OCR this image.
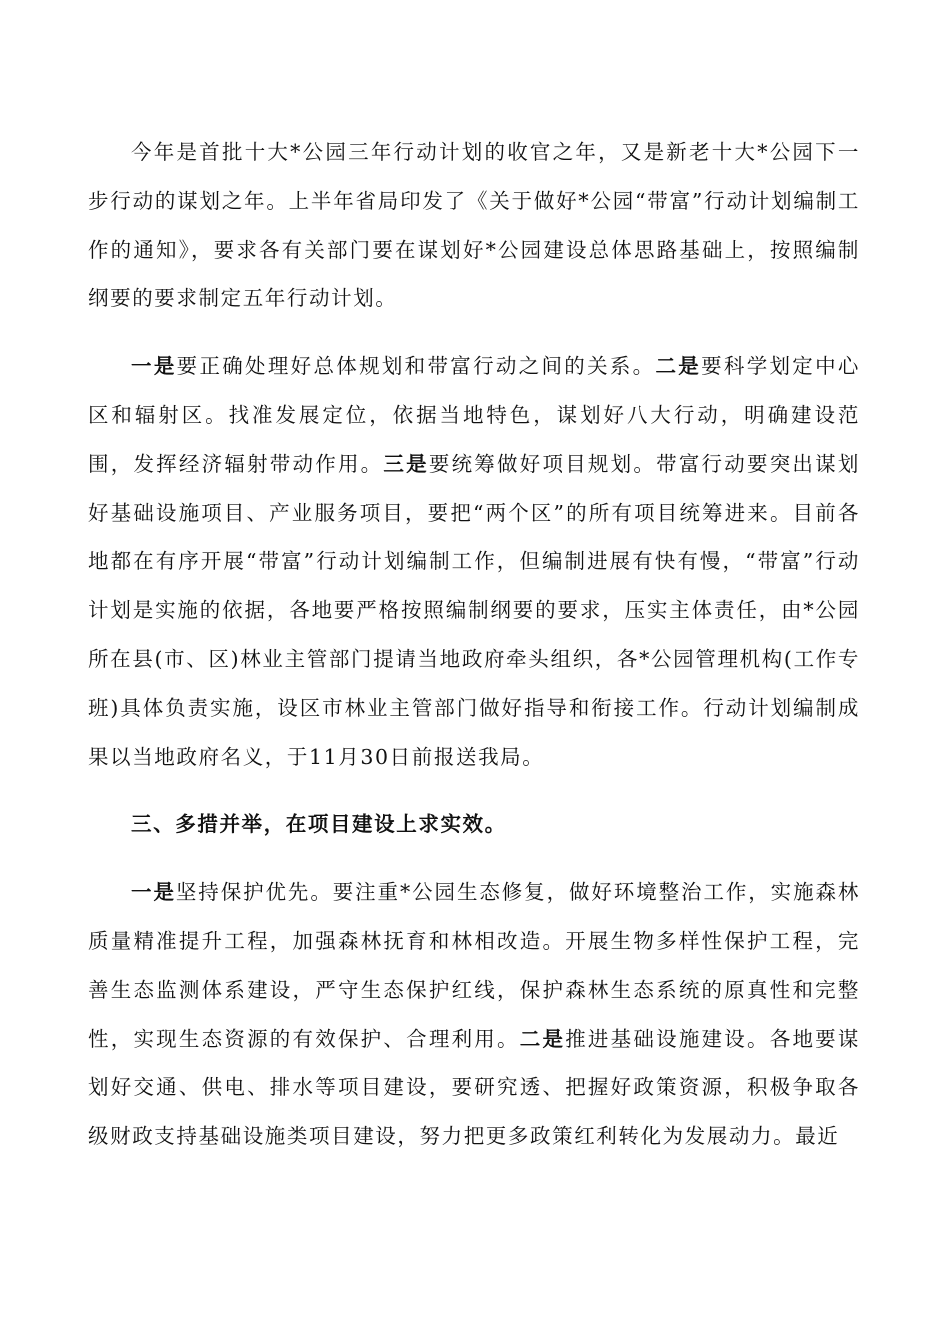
今年是首批十大*公园三年行动计划的收官之年，又是新老十大*公园下一步行动的谋划之年。上半年省局印发了《关于做好*公园“带富”行动计划编制工作的通知》，要求各有关部门要在谋划好*公园建设总体思路基础上，按照编制纲要的要求制定五年行动计划。

一是要正确处理好总体规划和带富行动之间的关系。二是要科学划定中心区和辐射区。找准发展定位，依据当地特色，谋划好八大行动，明确建设范围，发挥经济辐射带动作用。三是要统筹做好项目规划。带富行动要突出谋划好基础设施项目、产业服务项目，要把“两个区”的所有项目统筹进来。目前各地都在有序开展“带富”行动计划编制工作，但编制进展有快有慢，“带富”行动计划是实施的依据，各地要严格按照编制纲要的要求，压实主体责任，由*公园所在县(市、区)林业主管部门提请当地政府牵头组织，各*公园管理机构(工作专班)具体负责实施，设区市林业主管部门做好指导和衔接工作。行动计划编制成果以当地政府名义，于11月30日前报送我局。

三、多措并举，在项目建设上求实效。

一是坚持保护优先。要注重*公园生态修复，做好环境整治工作，实施森林质量精准提升工程，加强森林抚育和林相改造。开展生物多样性保护工程，完善生态监测体系建设，严守生态保护红线，保护森林生态系统的原真性和完整性，实现生态资源的有效保护、合理利用。二是推进基础设施建设。各地要谋划好交通、供电、排水等项目建设，要研究透、把握好政策资源，积极争取各级财政支持基础设施类项目建设，努力把更多政策红利转化为发展动力。最近
